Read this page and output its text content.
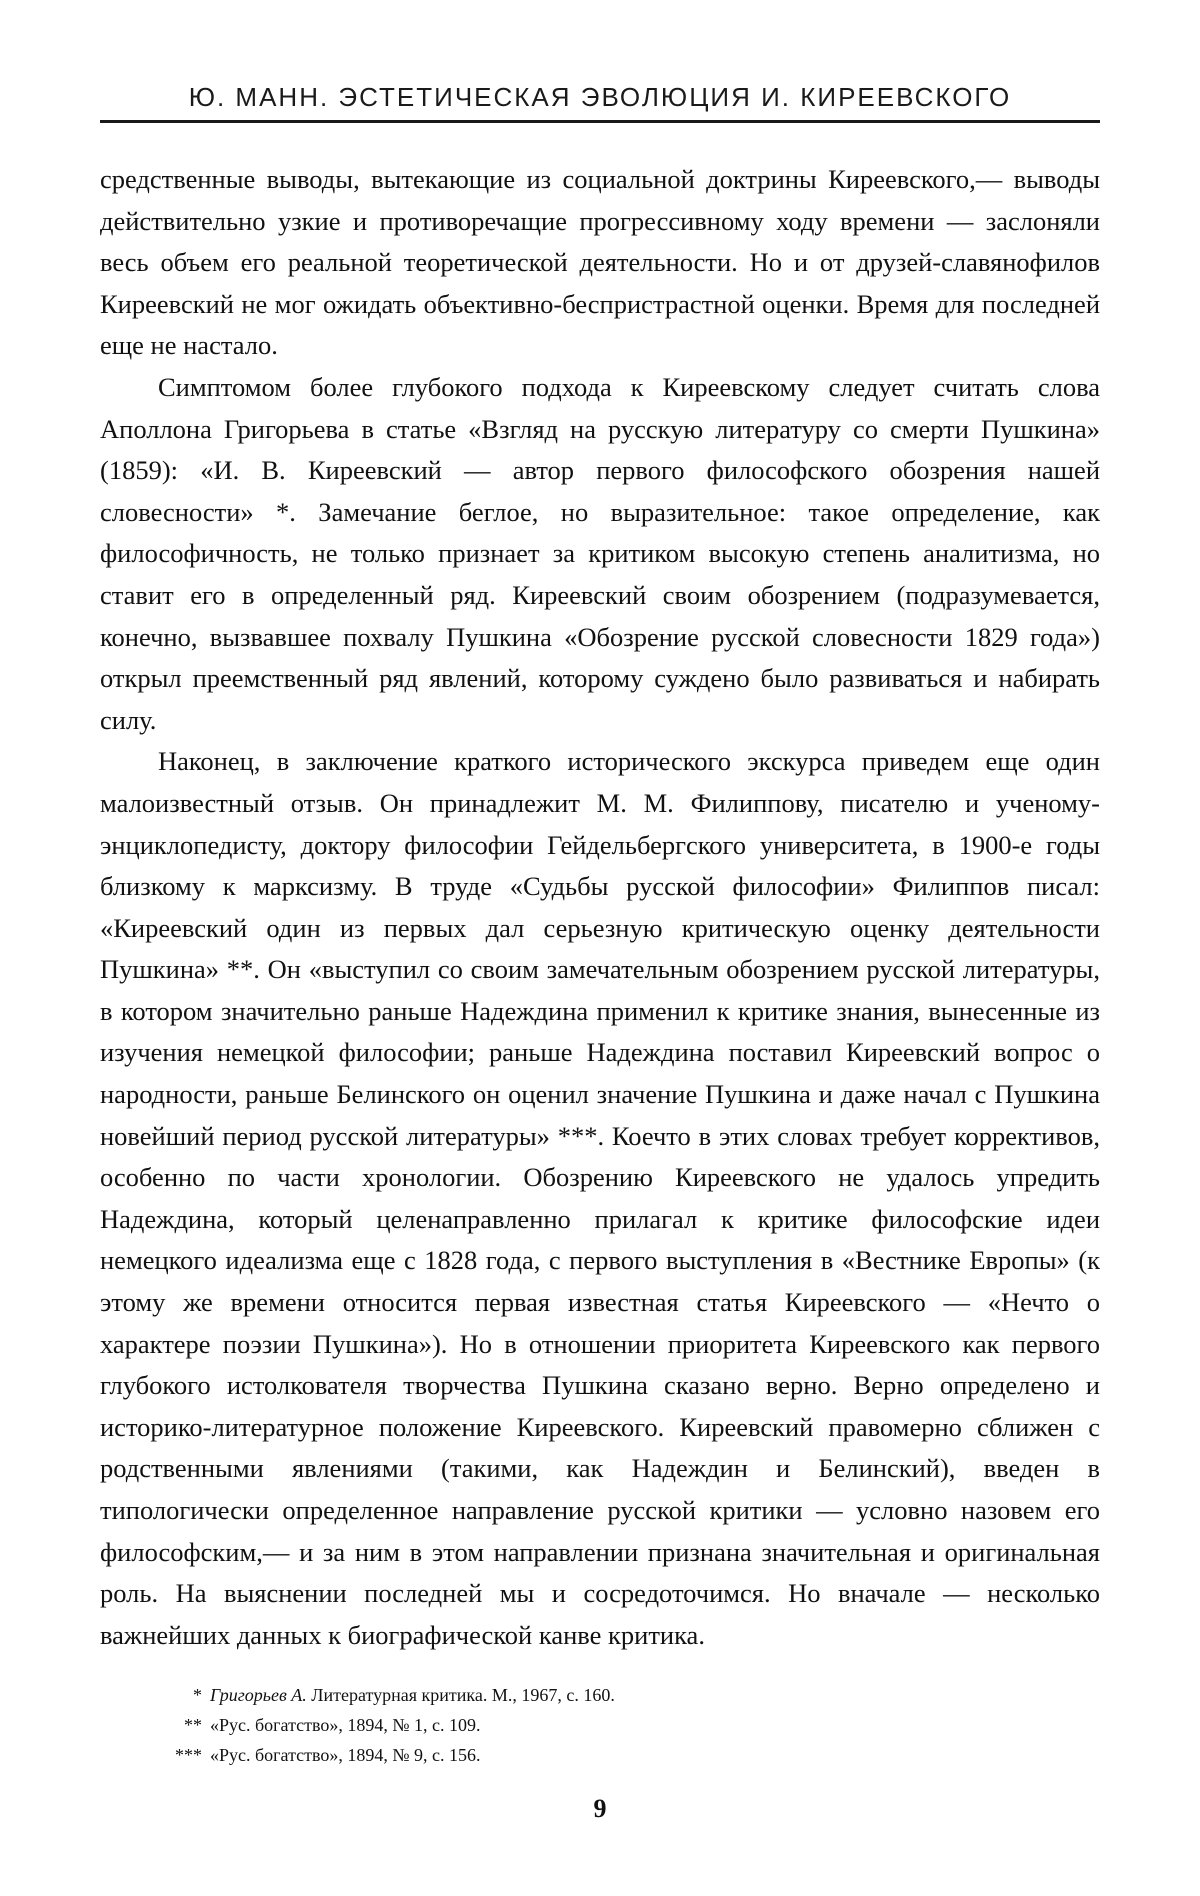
Ю. МАНН. ЭСТЕТИЧЕСКАЯ ЭВОЛЮЦИЯ И. КИРЕЕВСКОГО

средственные выводы, вытекающие из социальной доктрины Киреевского,— выводы действительно узкие и противоречащие прогрессивному ходу времени — заслоняли весь объем его реальной теоретической деятельности. Но и от друзей-славянофилов Киреевский не мог ожидать объективно-беспристрастной оценки. Время для последней еще не настало.

Симптомом более глубокого подхода к Киреевскому следует считать слова Аполлона Григорьева в статье «Взгляд на русскую литературу со смерти Пушкина» (1859): «И. В. Киреевский — автор первого философского обозрения нашей словесности» *. Замечание беглое, но выразительное: такое определение, как философичность, не только признает за критиком высокую степень аналитизма, но ставит его в определенный ряд. Киреевский своим обозрением (подразумевается, конечно, вызвавшее похвалу Пушкина «Обозрение русской словесности 1829 года») открыл преемственный ряд явлений, которому суждено было развиваться и набирать силу.

Наконец, в заключение краткого исторического экскурса приведем еще один малоизвестный отзыв. Он принадлежит М. М. Филиппову, писателю и ученому-энциклопедисту, доктору философии Гейдельбергского университета, в 1900-е годы близкому к марксизму. В труде «Судьбы русской философии» Филиппов писал: «Киреевский один из первых дал серьезную критическую оценку деятельности Пушкина» **. Он «выступил со своим замечательным обозрением русской литературы, в котором значительно раньше Надеждина применил к критике знания, вынесенные из изучения немецкой философии; раньше Надеждина поставил Киреевский вопрос о народности, раньше Белинского он оценил значение Пушкина и даже начал с Пушкина новейший период русской литературы» ***. Коечто в этих словах требует коррективов, особенно по части хронологии. Обозрению Киреевского не удалось упредить Надеждина, который целенаправленно прилагал к критике философские идеи немецкого идеализма еще с 1828 года, с первого выступления в «Вестнике Европы» (к этому же времени относится первая известная статья Киреевского — «Нечто о характере поэзии Пушкина»). Но в отношении приоритета Киреевского как первого глубокого истолкователя творчества Пушкина сказано верно. Верно определено и историко-литературное положение Киреевского. Киреевский правомерно сближен с родственными явлениями (такими, как Надеждин и Белинский), введен в типологически определенное направление русской критики — условно назовем его философским,— и за ним в этом направлении признана значительная и оригинальная роль. На выяснении последней мы и сосредоточимся. Но вначале — несколько важнейших данных к биографической канве критика.

* Григорьев А. Литературная критика. М., 1967, с. 160.

** «Рус. богатство», 1894, № 1, с. 109.

*** «Рус. богатство», 1894, № 9, с. 156.

9
